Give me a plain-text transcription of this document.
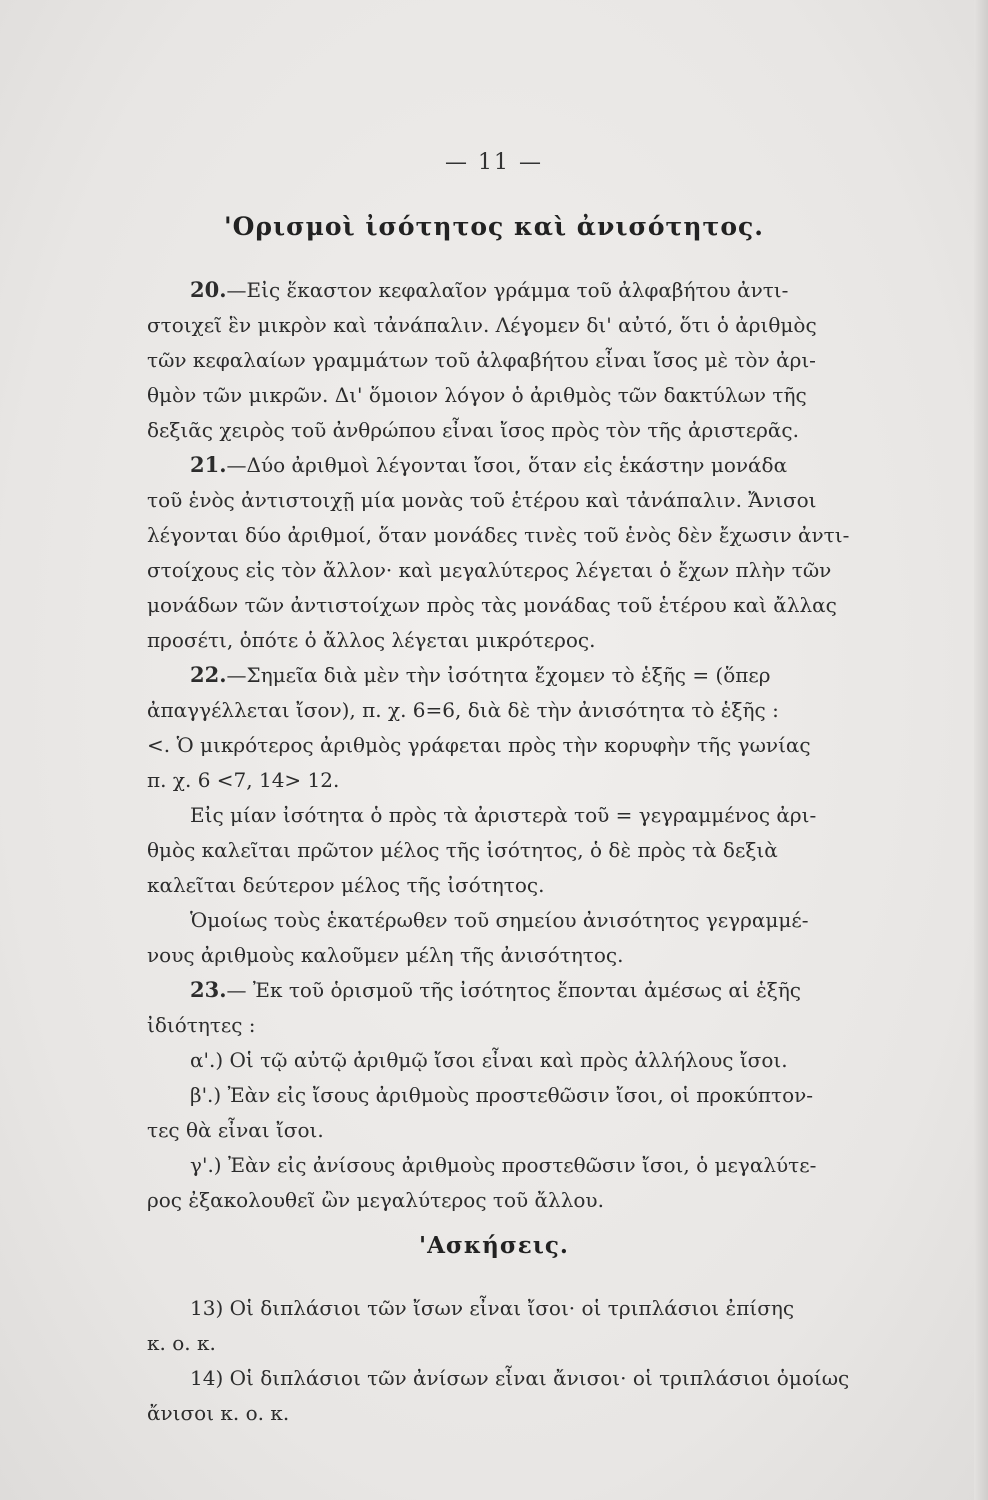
— 11 —
'Ορισμοὶ ἰσότητος καὶ ἀνισότητος.
20.—Εἰς ἕκαστον κεφαλαῖον γράμμα τοῦ ἀλφαβήτου ἀντι-
στοιχεῖ ἓν μικρὸν καὶ τἀνάπαλιν. Λέγομεν δι' αὐτό, ὅτι ὁ ἀριθμὸς
τῶν κεφαλαίων γραμμάτων τοῦ ἀλφαβήτου εἶναι ἴσος μὲ τὸν ἀρι-
θμὸν τῶν μικρῶν. Δι' ὅμοιον λόγον ὁ ἀριθμὸς τῶν δακτύλων τῆς
δεξιᾶς χειρὸς τοῦ ἀνθρώπου εἶναι ἴσος πρὸς τὸν τῆς ἀριστερᾶς.
21.—Δύο ἀριθμοὶ λέγονται ἴσοι, ὅταν εἰς ἑκάστην μονάδα
τοῦ ἑνὸς ἀντιστοιχῇ μία μονὰς τοῦ ἑτέρου καὶ τἀνάπαλιν. Ἄνισοι
λέγονται δύο ἀριθμοί, ὅταν μονάδες τινὲς τοῦ ἑνὸς δὲν ἔχωσιν ἀντι-
στοίχους εἰς τὸν ἄλλον· καὶ μεγαλύτερος λέγεται ὁ ἔχων πλὴν τῶν
μονάδων τῶν ἀντιστοίχων πρὸς τὰς μονάδας τοῦ ἑτέρου καὶ ἄλλας
προσέτι, ὁπότε ὁ ἄλλος λέγεται μικρότερος.
22.—Σημεῖα διὰ μὲν τὴν ἰσότητα ἔχομεν τὸ ἑξῆς = (ὅπερ
ἀπαγγέλλεται ἴσον), π. χ. 6=6, διὰ δὲ τὴν ἀνισότητα τὸ ἑξῆς :
<. Ὁ μικρότερος ἀριθμὸς γράφεται πρὸς τὴν κορυφὴν τῆς γωνίας
π. χ. 6 <7, 14> 12.
Εἰς μίαν ἰσότητα ὁ πρὸς τὰ ἀριστερὰ τοῦ = γεγραμμένος ἀρι-
θμὸς καλεῖται πρῶτον μέλος τῆς ἰσότητος, ὁ δὲ πρὸς τὰ δεξιὰ
καλεῖται δεύτερον μέλος τῆς ἰσότητος.
Ὁμοίως τοὺς ἑκατέρωθεν τοῦ σημείου ἀνισότητος γεγραμμέ-
νους ἀριθμοὺς καλοῦμεν μέλη τῆς ἀνισότητος.
23.— Ἐκ τοῦ ὁρισμοῦ τῆς ἰσότητος ἕπονται ἀμέσως αἱ ἑξῆς
ἰδιότητες :
α'.) Οἱ τῷ αὐτῷ ἀριθμῷ ἴσοι εἶναι καὶ πρὸς ἀλλήλους ἴσοι.
β'.) Ἐὰν εἰς ἴσους ἀριθμοὺς προστεθῶσιν ἴσοι, οἱ προκύπτον-
τες θὰ εἶναι ἴσοι.
γ'.) Ἐὰν εἰς ἀνίσους ἀριθμοὺς προστεθῶσιν ἴσοι, ὁ μεγαλύτε-
ρος ἐξακολουθεῖ ὢν μεγαλύτερος τοῦ ἄλλου.
'Ασκήσεις.
13) Οἱ διπλάσιοι τῶν ἴσων εἶναι ἴσοι· οἱ τριπλάσιοι ἐπίσης
κ. ο. κ.
14) Οἱ διπλάσιοι τῶν ἀνίσων εἶναι ἄνισοι· οἱ τριπλάσιοι ὁμοίως
ἄνισοι κ. ο. κ.
